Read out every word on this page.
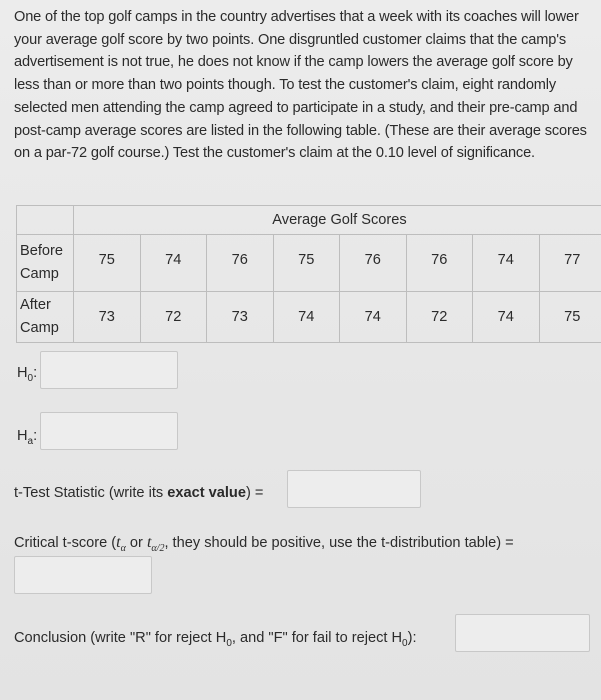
One of the top golf camps in the country advertises that a week with its coaches will lower your average golf score by two points. One disgruntled customer claims that the camp's advertisement is not true, he does not know if the camp lowers the average golf score by less than or more than two points though. To test the customer's claim, eight randomly selected men attending the camp agreed to participate in a study, and their pre-camp and post-camp average scores are listed in the following table. (These are their average scores on a par-72 golf course.) Test the customer's claim at the 0.10 level of significance.
	Average Golf Scores							

Before
Camp	75	74	76	75	76	76	74	77

After
Camp	73	72	73	74	74	72	74	75
$H_0$:
$H_a$:
t-Test Statistic (write its exact value) =
Critical t-score ($t_\alpha$ or $t_{\alpha/2}$, they should be positive, use the t-distribution table) =
Conclusion (write "R" for reject $H_0$, and "F" for fail to reject $H_0$):
